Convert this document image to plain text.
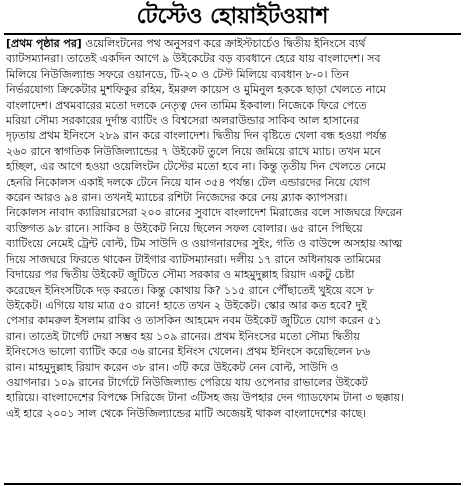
টেস্টেও হোয়াইটওয়াশ
[প্রথম পৃষ্ঠার পর] ওয়েলিংটনের পথ অনুসরণ করে ক্রাইস্টচার্চেও দ্বিতীয় ইনিংসে ব্যর্থ
ব্যাটসম্যানরা। তাতেই একদিন আগে ৯ উইকেটের বড় ব্যবধানে হেরে যায় বাংলাদেশ। সব
মিলিয়ে নিউজিল্যান্ড সফরে ওয়ানডে, টি-২০ ও টেস্ট মিলিয়ে ব্যবধান ৮-০। তিন
নির্ভরযোগ্য ক্রিকেটার মুশফিকুর রহিম, ইমরুল কায়েস ও মুমিনুল হককে ছাড়া খেলতে নামে
বাংলাদেশ। প্রথমবারের মতো দলকে নেতৃত্ব দেন তামিম ইকবাল। নিজেকে ফিরে পেতে
মরিয়া সৌম্য সরকারের দুর্দান্ত ব্যাটিং ও বিশ্বসেরা অলরাউন্ডার সাকিব আল হাসানের
দৃঢ়তায় প্রথম ইনিংসে ২৮৯ রান করে বাংলাদেশ। দ্বিতীয় দিন বৃষ্টিতে খেলা বন্ধ হওয়া পর্যন্ত
২৬০ রানে স্বাগতিক নিউজিল্যান্ডের ৭ উইকেট তুলে নিয়ে জমিয়ে রাখে ম্যাচ। তখন মনে
হচ্ছিল, এর আগে হওয়া ওয়েলিংটন টেস্টের মতো হবে না। কিন্তু তৃতীয় দিন খেলতে নেমে
হেনরি নিকোলস একাই দলকে টেনে নিয়ে যান ৩৫৪ পর্যন্ত। টেল এন্ডারদের নিয়ে যোগ
করেন আরও ৯৪ রান। তখনই ম্যাচের রশিটা নিজেদের করে নেয় ব্ল্যাক ক্যাপসরা।
নিকোলস নাবাদ ক্যারিয়ারসেরা ২০০ রানের সুবাদে বাংলাদেশ মিরাজের বলে সাজঘরে ফিরেন
ব্যক্তিগত ৯৮ রানে। সাকিব ৪ উইকেট নিয়ে ছিলেন সফল বোলার। ৬৫ রানে পিছিয়ে
ব্যাটিংয়ে নেমেই ট্রেন্ট বোল্ট, টিম সাউদি ও ওয়াগনারদের সুইং, গতি ও বাউন্সে অসহায় আত্ম
দিয়ে সাজঘরে ফিরতে থাকেন টাইগার ব্যাটসম্যানরা। দলীয় ১৭ রানে অধিনায়ক তামিমের
বিদায়ের পর দ্বিতীয় উইকেট জুটিতে সৌম্য সরকার ও মাহমুদুল্লাহ রিয়াদ একটু চেষ্টা
করেছেন ইনিংসটিকে দড় করতে। কিন্তু কোথায় কি? ১১৫ রানে পৌঁছাতেই খুইয়ে বসে ৮
উইকেট। এগিয়ে যায় মাত্র ৫০ রানে! হাতে তখন ২ উইকেট। স্কোর আর কত হবে? দুই
পেসার কামরুল ইসলাম রাব্বি ও তাসকিন আহমেদ নবম উইকেট জুটিতে যোগ করেন ৫১
রান। তাতেই টার্গেট দেয়া সম্ভব হয় ১০৯ রানের। প্রথম ইনিংসের মতো সৌম্য দ্বিতীয়
ইনিংসেও ভালো ব্যাটিং করে ৩৬ রানের ইনিংস খেলেন। প্রথম ইনিংসে করেছিলেন ৮৬
রান। মাহমুদুল্লাহ রিয়াদ করেন ৩৮ রান। ৩টি করে উইকেট নেন বোল্ট, সাউদি ও
ওয়াগনার। ১০৯ রানের টার্গেটে নিউজিল্যান্ড পেরিয়ে যায় ওপেনার রাভালের উইকেট
হারিয়ে। বাংলাদেশের বিপক্ষে সিরিজে টানা ৩টিসহ জয় উপহার দেন গ্যাডফোম টানা ৩ ছক্কায়।
এই হারে ২০০১ সাল থেকে নিউজিল্যান্ডের মাটি অজেয়ই থাকল বাংলাদেশের কাছে।
